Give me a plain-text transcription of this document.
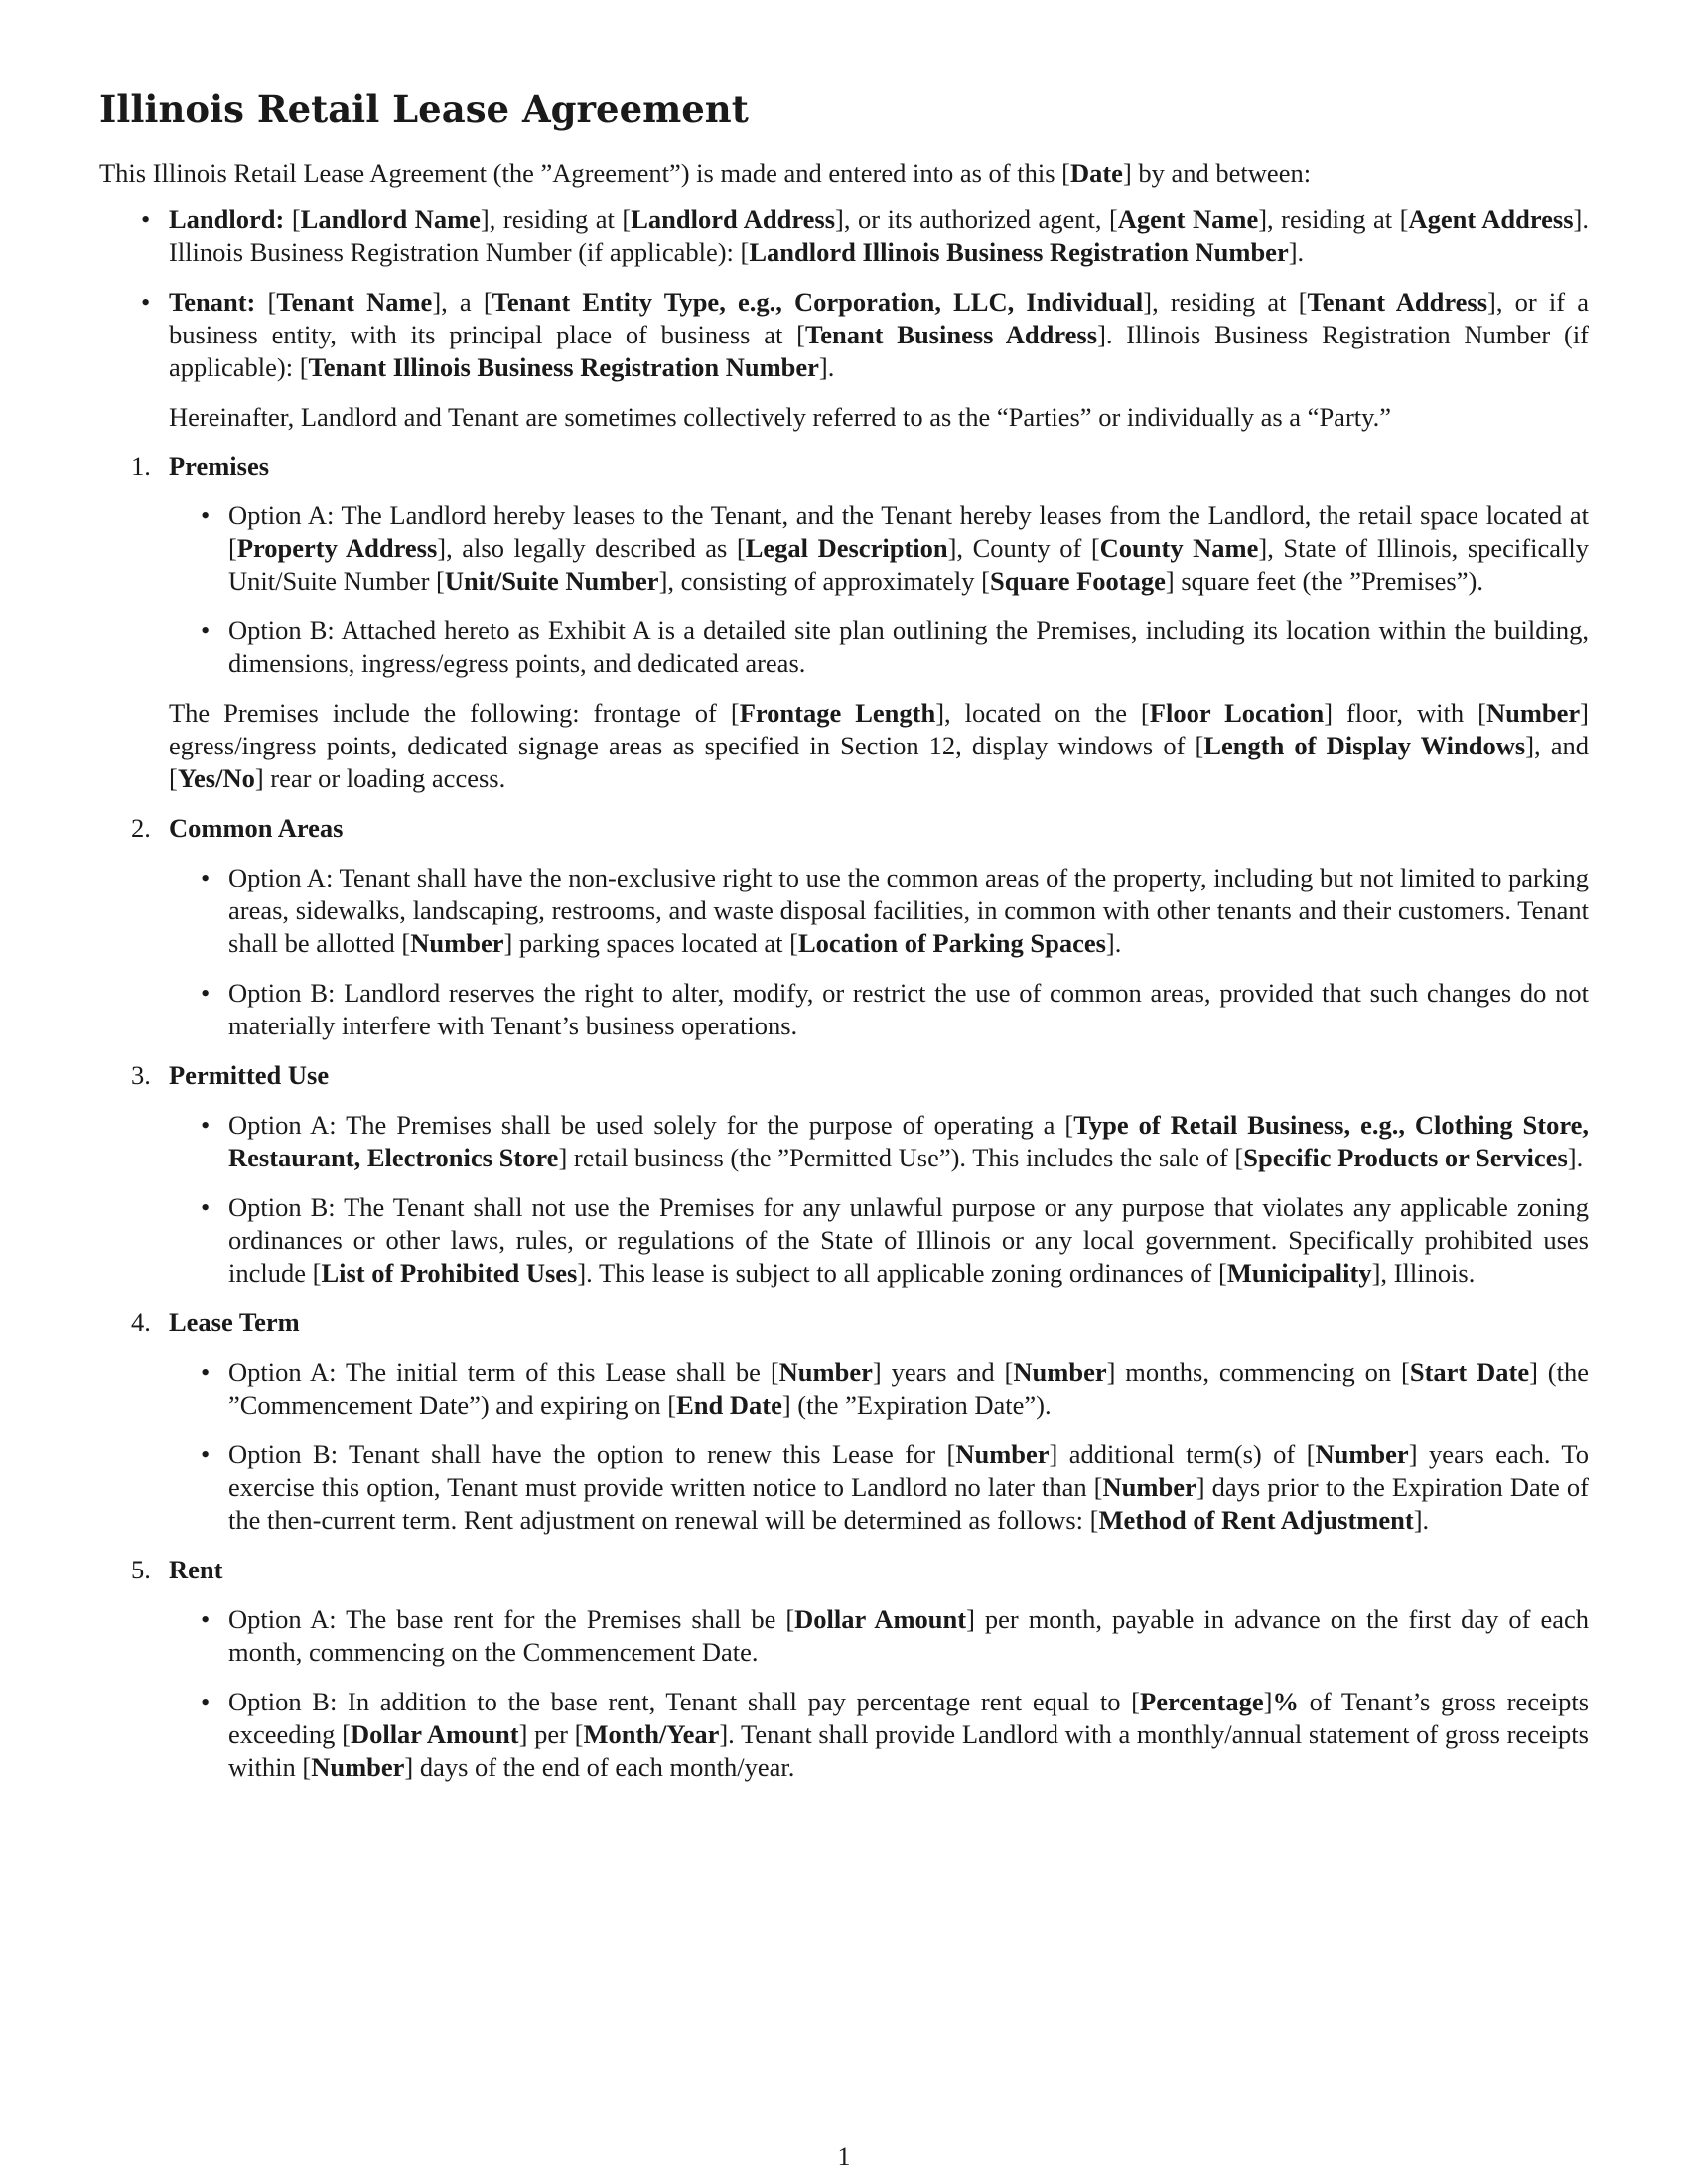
Illinois Retail Lease Agreement

This Illinois Retail Lease Agreement (the ”Agreement”) is made and entered into as of this [Date] by and between:

• Landlord: [Landlord Name], residing at [Landlord Address], or its authorized agent, [Agent Name], residing at [Agent Address]. Illinois Business Registration Number (if applicable): [Landlord Illinois Business Registration Number].
• Tenant: [Tenant Name], a [Tenant Entity Type, e.g., Corporation, LLC, Individual], residing at [Tenant Address], or if a business entity, with its principal place of business at [Tenant Business Address]. Illinois Business Registration Number (if applicable): [Tenant Illinois Business Registration Number].

Hereinafter, Landlord and Tenant are sometimes collectively referred to as the “Parties” or individually as a “Party.”

1. Premises
• Option A: The Landlord hereby leases to the Tenant, and the Tenant hereby leases from the Landlord, the retail space located at [Property Address], also legally described as [Legal Description], County of [County Name], State of Illinois, specifically Unit/Suite Number [Unit/Suite Number], consisting of approximately [Square Footage] square feet (the ”Premises”).
• Option B: Attached hereto as Exhibit A is a detailed site plan outlining the Premises, including its location within the building, dimensions, ingress/egress points, and dedicated areas.

The Premises include the following: frontage of [Frontage Length], located on the [Floor Location] floor, with [Number] egress/ingress points, dedicated signage areas as specified in Section 12, display windows of [Length of Display Windows], and [Yes/No] rear or loading access.

2. Common Areas
• Option A: Tenant shall have the non-exclusive right to use the common areas of the property, including but not limited to parking areas, sidewalks, landscaping, restrooms, and waste disposal facilities, in common with other tenants and their customers. Tenant shall be allotted [Number] parking spaces located at [Location of Parking Spaces].
• Option B: Landlord reserves the right to alter, modify, or restrict the use of common areas, provided that such changes do not materially interfere with Tenant’s business operations.
3. Permitted Use
• Option A: The Premises shall be used solely for the purpose of operating a [Type of Retail Business, e.g., Clothing Store, Restaurant, Electronics Store] retail business (the ”Permitted Use”). This includes the sale of [Specific Products or Services].
• Option B: The Tenant shall not use the Premises for any unlawful purpose or any purpose that violates any applicable zoning ordinances or other laws, rules, or regulations of the State of Illinois or any local government. Specifically prohibited uses include [List of Prohibited Uses]. This lease is subject to all applicable zoning ordinances of [Municipality], Illinois.
4. Lease Term
• Option A: The initial term of this Lease shall be [Number] years and [Number] months, commencing on [Start Date] (the ”Commencement Date”) and expiring on [End Date] (the ”Expiration Date”).
• Option B: Tenant shall have the option to renew this Lease for [Number] additional term(s) of [Number] years each. To exercise this option, Tenant must provide written notice to Landlord no later than [Number] days prior to the Expiration Date of the then-current term. Rent adjustment on renewal will be determined as follows: [Method of Rent Adjustment].
5. Rent
• Option A: The base rent for the Premises shall be [Dollar Amount] per month, payable in advance on the first day of each month, commencing on the Commencement Date.
• Option B: In addition to the base rent, Tenant shall pay percentage rent equal to [Percentage]% of Tenant’s gross receipts exceeding [Dollar Amount] per [Month/Year]. Tenant shall provide Landlord with a monthly/annual statement of gross receipts within [Number] days of the end of each month/year.
1
